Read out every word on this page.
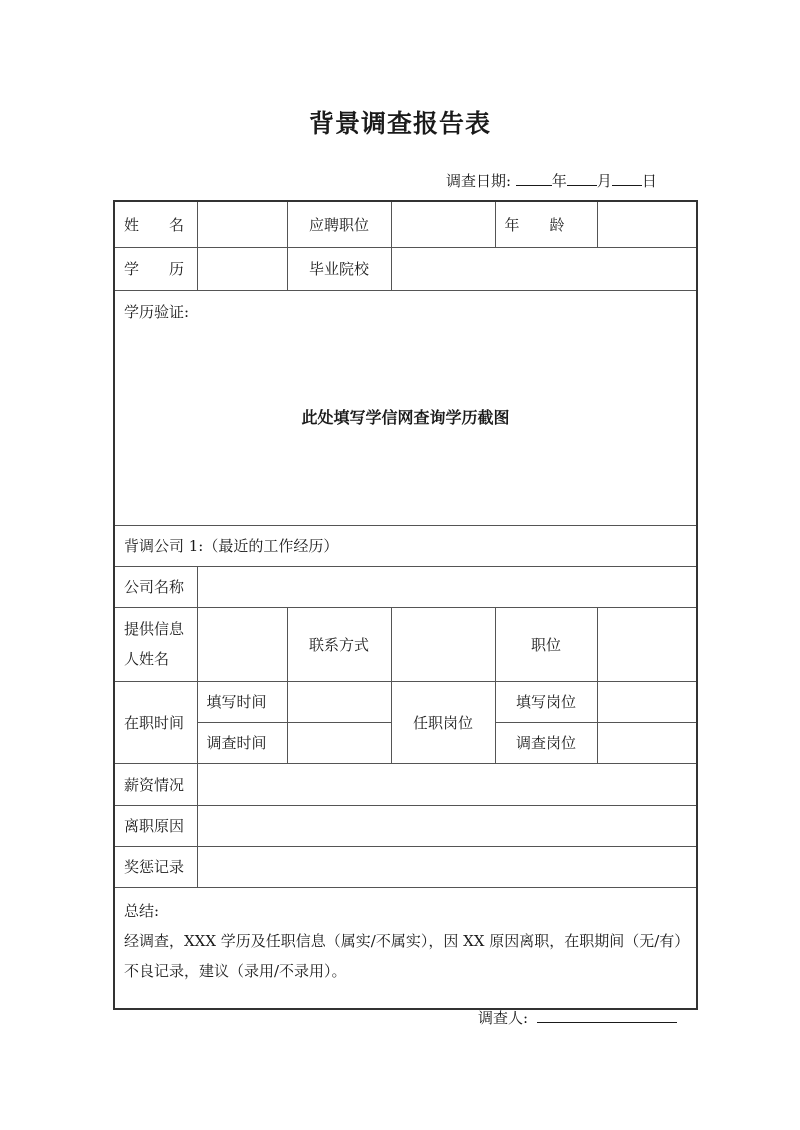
背景调查报告表
调查日期:	年 月 日
姓　　名		应聘职位		年　　龄	
学　　历		毕业院校			

学历验证:
此处填写学信网查询学历截图					

背调公司 1:（最近的工作经历）					
公司名称					
提供信息人姓名		联系方式		职位	
在职时间	填写时间		任职岗位	填写岗位	
	调查时间			调查岗位	
薪资情况					
离职原因					
奖惩记录					

总结:
经调查，XXX 学历及任职信息（属实/不属实），因 XX 原因离职，在职期间（无/有）不良记录，建议（录用/不录用）。					
调查人:
